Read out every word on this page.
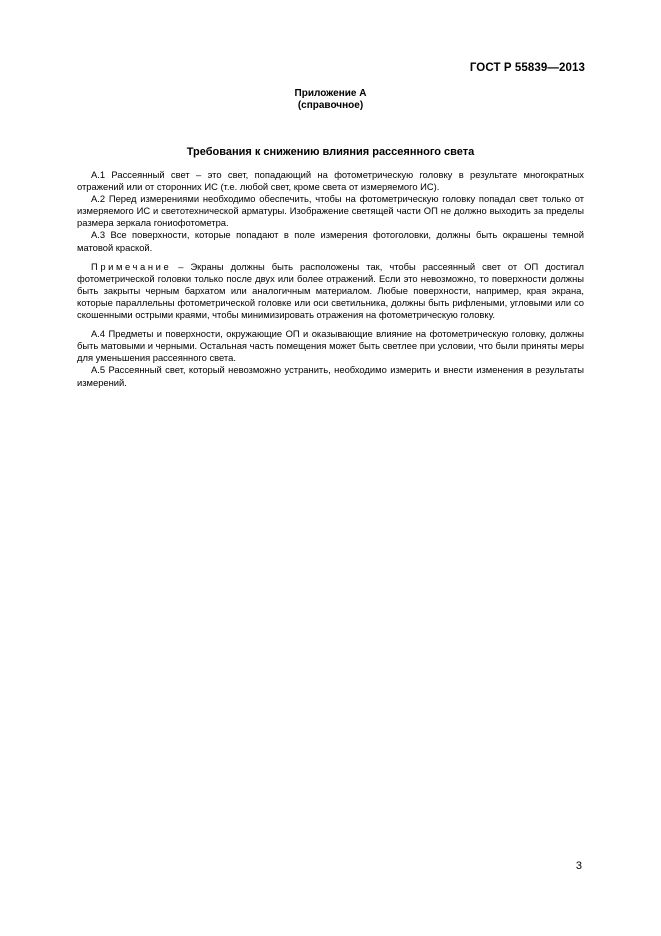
ГОСТ Р 55839—2013
Приложение А
(справочное)
Требования к снижению влияния рассеянного света

А.1 Рассеянный свет – это свет, попадающий на фотометрическую головку в результате многократных отражений или от сторонних ИС (т.е. любой свет, кроме света от измеряемого ИС).

А.2 Перед измерениями необходимо обеспечить, чтобы на фотометрическую головку попадал свет только от измеряемого ИС и светотехнической арматуры. Изображение светящей части ОП не должно выходить за пределы размера зеркала гониофотометра.

А.3 Все поверхности, которые попадают в поле измерения фотоголовки, должны быть окрашены темной матовой краской.

Примечание – Экраны должны быть расположены так, чтобы рассеянный свет от ОП достигал фотометрической головки только после двух или более отражений. Если это невозможно, то поверхности должны быть закрыты черным бархатом или аналогичным материалом. Любые поверхности, например, края экрана, которые параллельны фотометрической головке или оси светильника, должны быть рифлеными, угловыми или со скошенными острыми краями, чтобы минимизировать отражения на фотометрическую головку.

А.4 Предметы и поверхности, окружающие ОП и оказывающие влияние на фотометрическую головку, должны быть матовыми и черными. Остальная часть помещения может быть светлее при условии, что были приняты меры для уменьшения рассеянного света.

А.5 Рассеянный свет, который невозможно устранить, необходимо измерить и внести изменения в результаты измерений.

3
